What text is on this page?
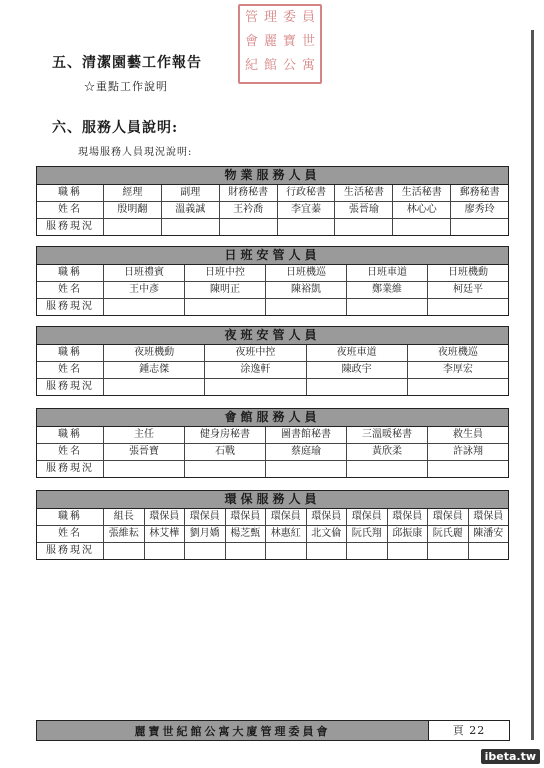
管 理 委 員
會 麗 寶 世
紀 館 公 寓
五、清潔園藝工作報告
☆重點工作說明
六、服務人員說明:
現場服務人員現況說明:
物業服務人員
職稱	經理	副理	財務秘書	行政秘書	生活秘書	生活秘書	郵務秘書
姓名	殷明翻	溫義誠	王衿喬	李宜蓁	張晉瑜	林心心	廖秀玲
服務現況
日班安管人員
職稱	日班禮賓	日班中控	日班機巡	日班車道	日班機動
姓名	王中彥	陳明正	陳裕凱	鄭業維	柯廷平
服務現況
夜班安管人員
職稱	夜班機動	夜班中控	夜班車道	夜班機巡
姓名	鍾志傑	涂逸軒	陳政宇	李厚宏
服務現況
會館服務人員
職稱	主任	健身房秘書	圖書館秘書	三溫暖秘書	救生員
姓名	張晉寶	石戰	蔡庭瑜	黃欣柔	許詠翔
服務現況
環保服務人員
職稱	組長	環保員	環保員	環保員	環保員	環保員	環保員	環保員	環保員	環保員
姓名	張維耘	林艾樺	劉月嬌	楊芝甄	林惠紅	北文倫	阮氏翔	邱振康	阮氏麗	陳潘安
服務現況
麗寶世紀館公寓大廈管理委員會	頁 22
ibeta.tw
